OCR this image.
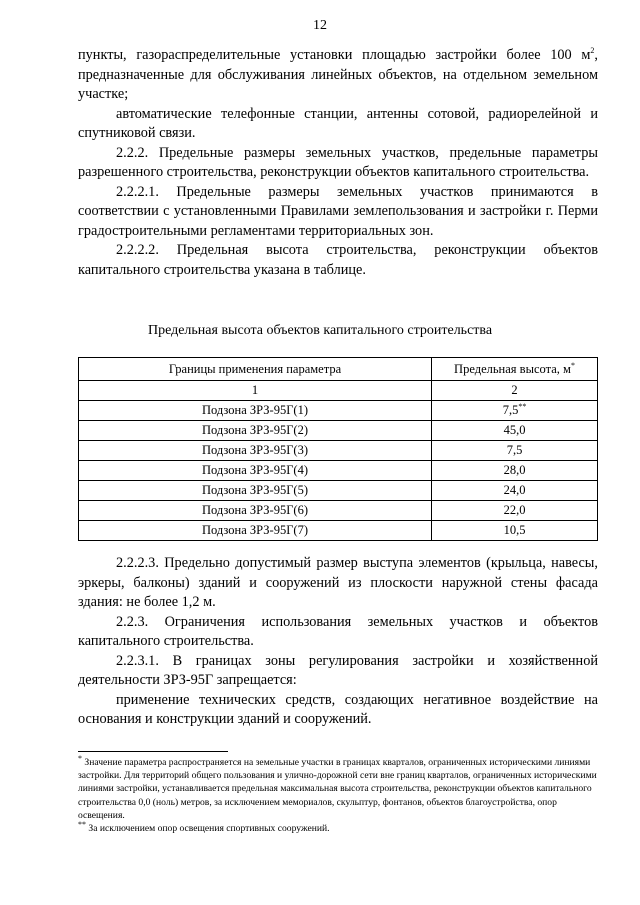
12

пункты, газораспределительные установки площадью застройки более 100 $м^2$, предназначенные для обслуживания линейных объектов, на отдельном земельном участке;

автоматические телефонные станции, антенны сотовой, радиорелейной и спутниковой связи.

2.2.2. Предельные размеры земельных участков, предельные параметры разрешенного строительства, реконструкции объектов капитального строительства.

2.2.2.1. Предельные размеры земельных участков принимаются в соответствии с установленными Правилами землепользования и застройки г. Перми градостроительными регламентами территориальных зон.

2.2.2.2. Предельная высота строительства, реконструкции объектов капитального строительства указана в таблице.

Предельная высота объектов капитального строительства
Границы применения параметра	Предельная высота, м*
1	2
Подзона ЗРЗ-95Г(1)	7,5**
Подзона ЗРЗ-95Г(2)	45,0
Подзона ЗРЗ-95Г(3)	7,5
Подзона ЗРЗ-95Г(4)	28,0
Подзона ЗРЗ-95Г(5)	24,0
Подзона ЗРЗ-95Г(6)	22,0
Подзона ЗРЗ-95Г(7)	10,5

2.2.2.3. Предельно допустимый размер выступа элементов (крыльца, навесы, эркеры, балконы) зданий и сооружений из плоскости наружной стены фасада здания: не более 1,2 м.

2.2.3. Ограничения использования земельных участков и объектов капитального строительства.

2.2.3.1. В границах зоны регулирования застройки и хозяйственной деятельности ЗРЗ-95Г запрещается:

применение технических средств, создающих негативное воздействие на основания и конструкции зданий и сооружений.

* Значение параметра распространяется на земельные участки в границах кварталов, ограниченных историческими линиями застройки. Для территорий общего пользования и улично-дорожной сети вне границ кварталов, ограниченных историческими линиями застройки, устанавливается предельная максимальная высота строительства, реконструкции объектов капитального строительства 0,0 (ноль) метров, за исключением мемориалов, скульптур, фонтанов, объектов благоустройства, опор освещения.

** За исключением опор освещения спортивных сооружений.
